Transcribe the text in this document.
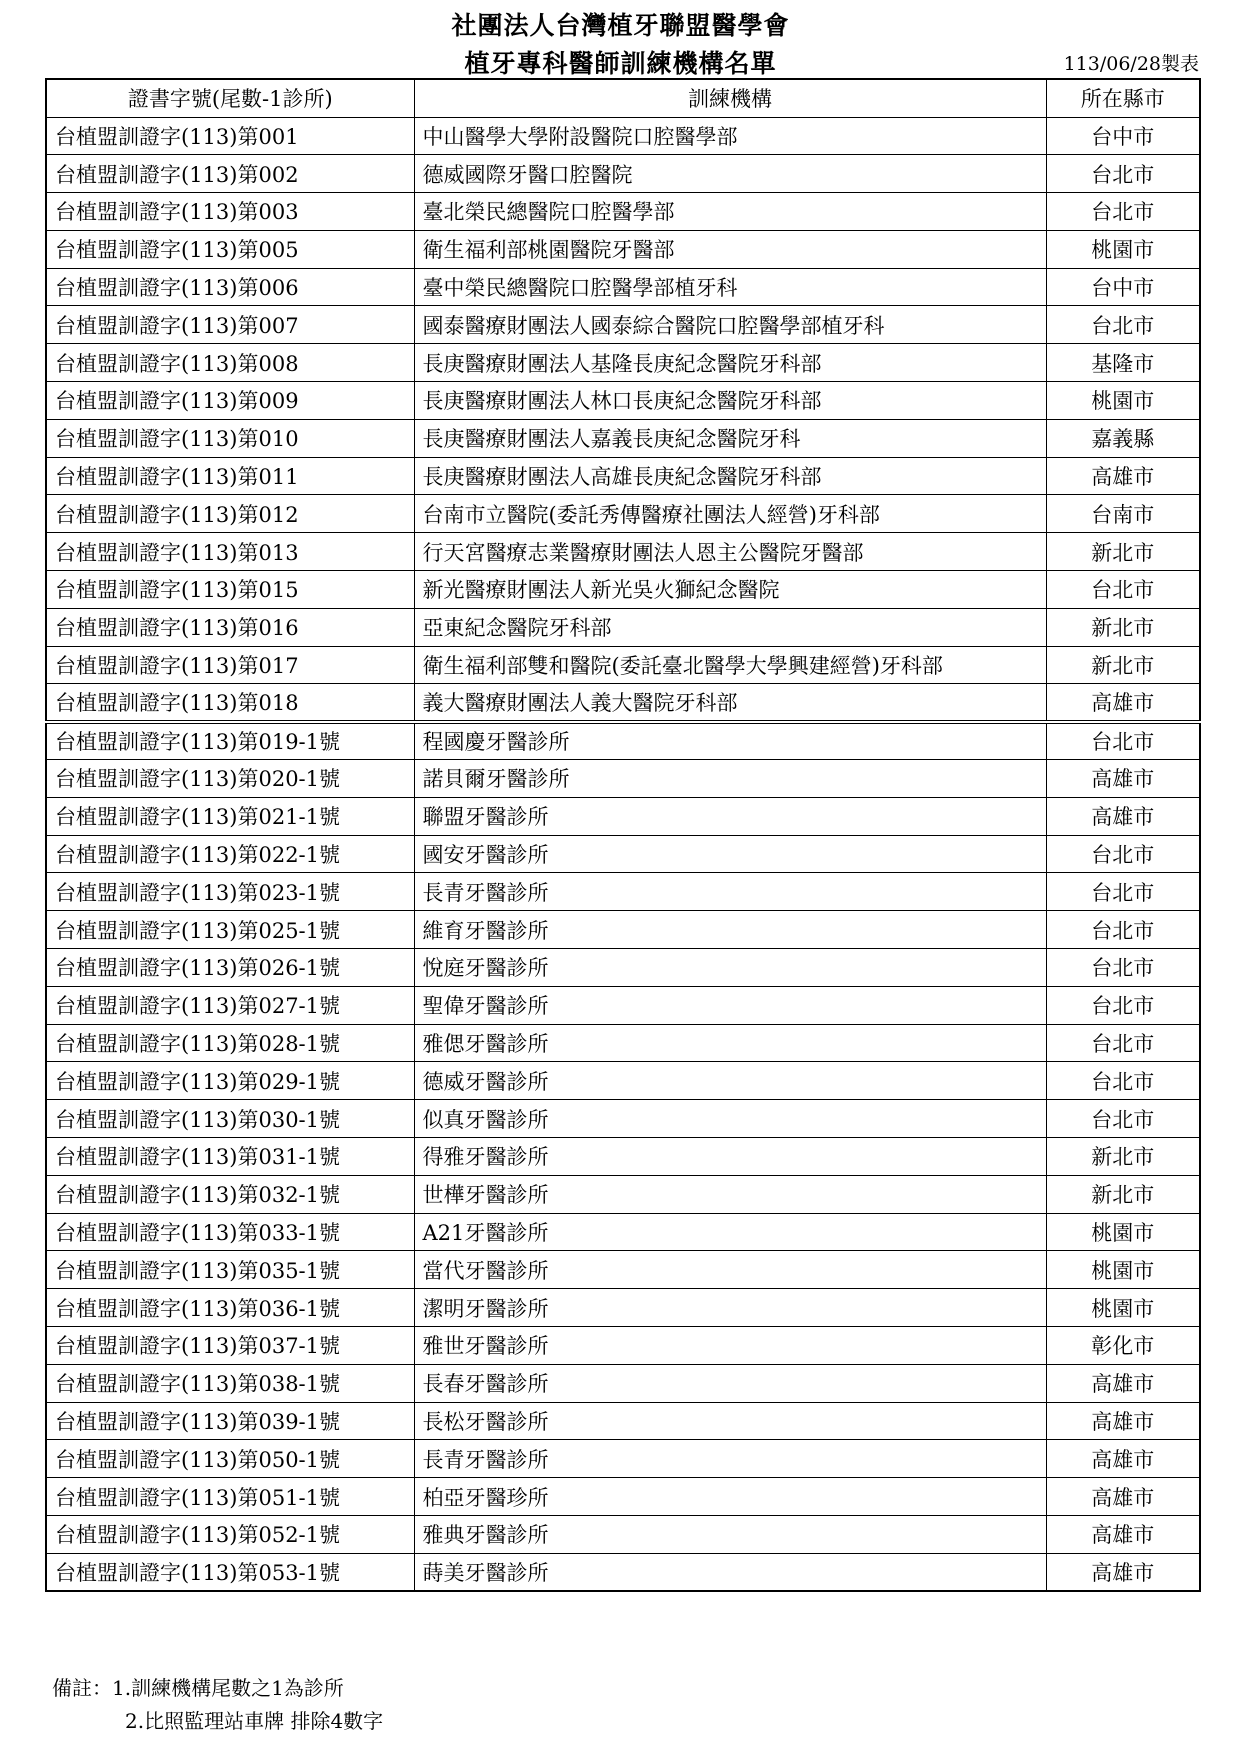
社團法人台灣植牙聯盟醫學會
植牙專科醫師訓練機構名單	113/06/28製表
證書字號(尾數-1診所)	訓練機構	所在縣市
台植盟訓證字(113)第001	中山醫學大學附設醫院口腔醫學部	台中市
台植盟訓證字(113)第002	德威國際牙醫口腔醫院	台北市
台植盟訓證字(113)第003	臺北榮民總醫院口腔醫學部	台北市
台植盟訓證字(113)第005	衛生福利部桃園醫院牙醫部	桃園市
台植盟訓證字(113)第006	臺中榮民總醫院口腔醫學部植牙科	台中市
台植盟訓證字(113)第007	國泰醫療財團法人國泰綜合醫院口腔醫學部植牙科	台北市
台植盟訓證字(113)第008	長庚醫療財團法人基隆長庚紀念醫院牙科部	基隆市
台植盟訓證字(113)第009	長庚醫療財團法人林口長庚紀念醫院牙科部	桃園市
台植盟訓證字(113)第010	長庚醫療財團法人嘉義長庚紀念醫院牙科	嘉義縣
台植盟訓證字(113)第011	長庚醫療財團法人高雄長庚紀念醫院牙科部	高雄市
台植盟訓證字(113)第012	台南市立醫院(委託秀傳醫療社團法人經營)牙科部	台南市
台植盟訓證字(113)第013	行天宮醫療志業醫療財團法人恩主公醫院牙醫部	新北市
台植盟訓證字(113)第015	新光醫療財團法人新光吳火獅紀念醫院	台北市
台植盟訓證字(113)第016	亞東紀念醫院牙科部	新北市
台植盟訓證字(113)第017	衛生福利部雙和醫院(委託臺北醫學大學興建經營)牙科部	新北市
台植盟訓證字(113)第018	義大醫療財團法人義大醫院牙科部	高雄市
台植盟訓證字(113)第019-1號	程國慶牙醫診所	台北市
台植盟訓證字(113)第020-1號	諾貝爾牙醫診所	高雄市
台植盟訓證字(113)第021-1號	聯盟牙醫診所	高雄市
台植盟訓證字(113)第022-1號	國安牙醫診所	台北市
台植盟訓證字(113)第023-1號	長青牙醫診所	台北市
台植盟訓證字(113)第025-1號	維育牙醫診所	台北市
台植盟訓證字(113)第026-1號	悅庭牙醫診所	台北市
台植盟訓證字(113)第027-1號	聖偉牙醫診所	台北市
台植盟訓證字(113)第028-1號	雅偲牙醫診所	台北市
台植盟訓證字(113)第029-1號	德威牙醫診所	台北市
台植盟訓證字(113)第030-1號	似真牙醫診所	台北市
台植盟訓證字(113)第031-1號	得雅牙醫診所	新北市
台植盟訓證字(113)第032-1號	世樺牙醫診所	新北市
台植盟訓證字(113)第033-1號	A21牙醫診所	桃園市
台植盟訓證字(113)第035-1號	當代牙醫診所	桃園市
台植盟訓證字(113)第036-1號	潔明牙醫診所	桃園市
台植盟訓證字(113)第037-1號	雅世牙醫診所	彰化市
台植盟訓證字(113)第038-1號	長春牙醫診所	高雄市
台植盟訓證字(113)第039-1號	長松牙醫診所	高雄市
台植盟訓證字(113)第050-1號	長青牙醫診所	高雄市
台植盟訓證字(113)第051-1號	柏亞牙醫珍所	高雄市
台植盟訓證字(113)第052-1號	雅典牙醫診所	高雄市
台植盟訓證字(113)第053-1號	蒔美牙醫診所	高雄市
備註：1.訓練機構尾數之1為診所
2.比照監理站車牌 排除4數字
